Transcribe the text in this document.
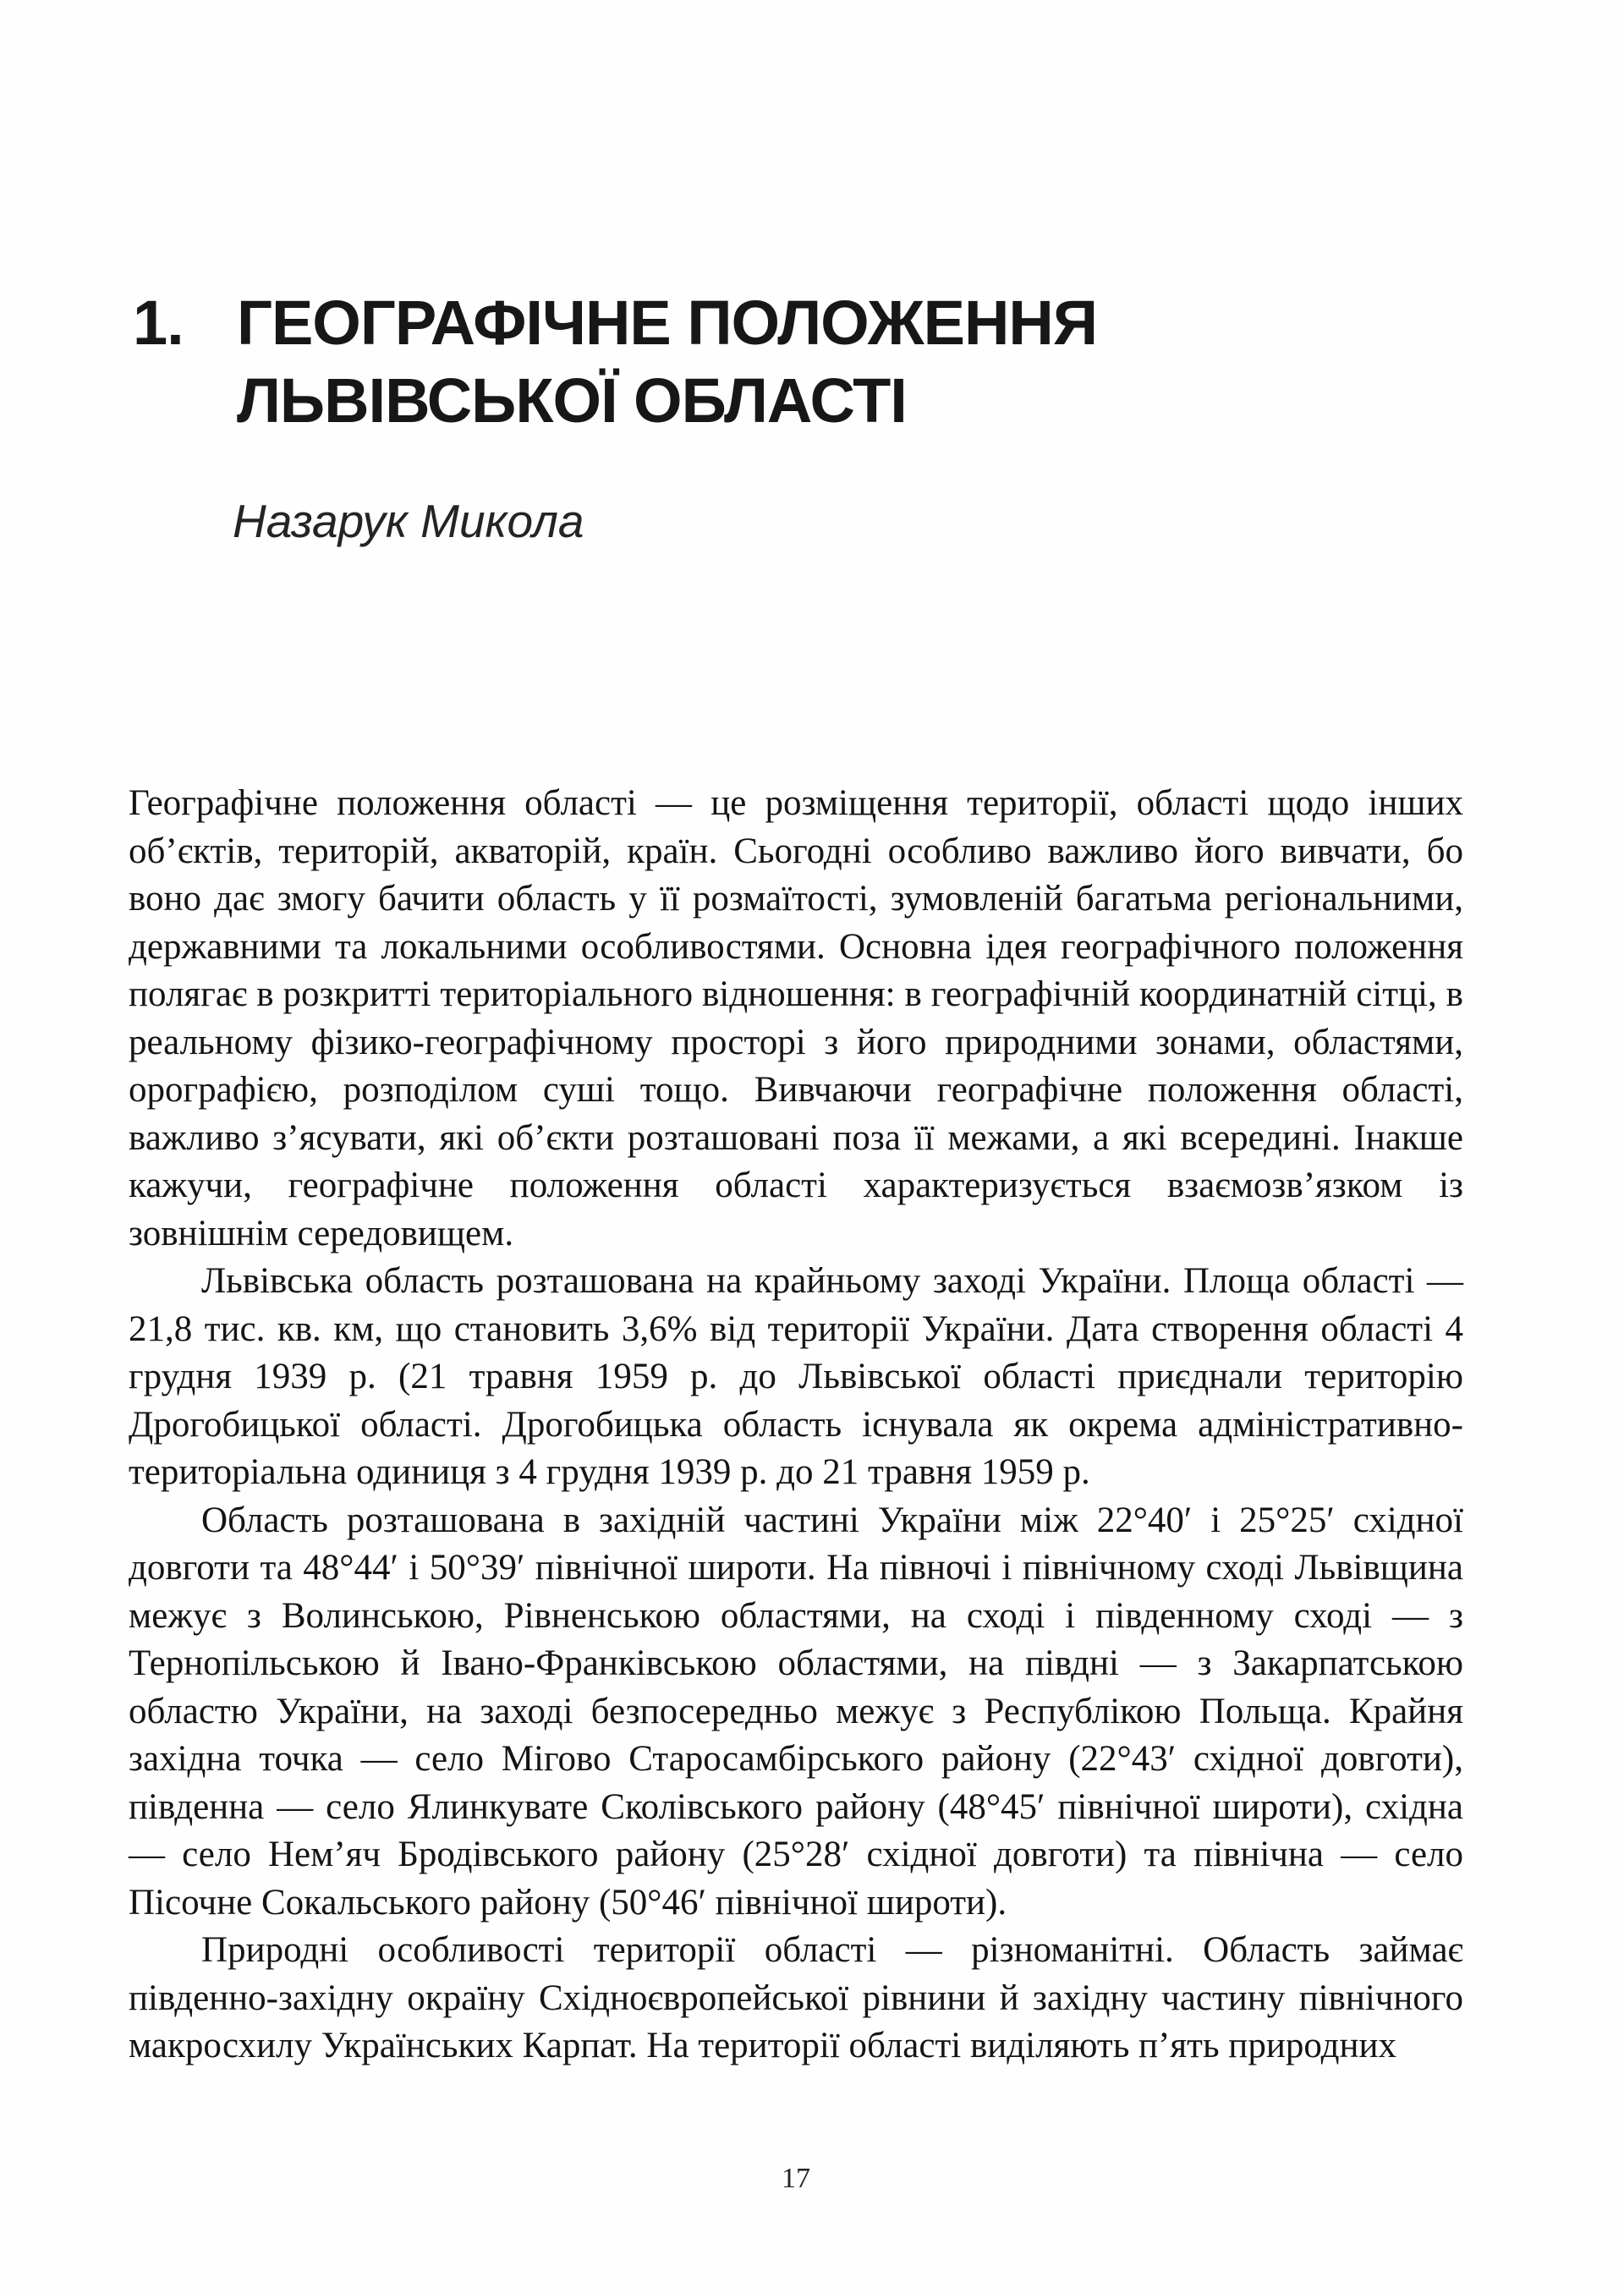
1. ГЕОГРАФІЧНЕ ПОЛОЖЕННЯ
ЛЬВІВСЬКОЇ ОБЛАСТІ
Назарук Микола

Географічне положення області — це розміщення території, області щодо інших об’єктів, територій, акваторій, країн. Сьогодні особливо важливо його вивчати, бо воно дає змогу бачити область у її розмаїтості, зумовленій багатьма регіональними, державними та локальними особливостями. Основна ідея географічного положення полягає в розкритті територіального відношення: в географічній координатній сітці, в реальному фізико-географічному просторі з його природними зонами, областями, орографією, розподілом суші тощо. Вивчаючи географічне положення області, важливо з’ясувати, які об’єкти розташовані поза її межами, а які всередині. Інакше кажучи, географічне положення області характеризується взаємозв’язком із зовнішнім середовищем.

Львівська область розташована на крайньому заході України. Площа області — 21,8 тис. кв. км, що становить 3,6% від території України. Дата створення області 4 грудня 1939 р. (21 травня 1959 р. до Львівської області приєднали територію Дрогобицької області. Дрогобицька область існувала як окрема адміністративно-територіальна одиниця з 4 грудня 1939 р. до 21 травня 1959 р.

Область розташована в західній частині України між 22°40′ і 25°25′ східної довготи та 48°44′ і 50°39′ північної широти. На півночі і північному сході Львівщина межує з Волинською, Рівненською областями, на сході і південному сході — з Тернопільською й Івано-Франківською областями, на півдні — з Закарпатською областю України, на заході безпосередньо межує з Республікою Польща. Крайня західна точка — село Мігово Старосамбірського району (22°43′ східної довготи), південна — село Ялинкувате Сколівського району (48°45′ північної широти), східна — село Нем’яч Бродівського району (25°28′ східної довготи) та північна — село Пісочне Сокальського району (50°46′ північної широти).

Природні особливості території області — різноманітні. Область займає південно-західну окраїну Східноєвропейської рівнини й західну частину північного макросхилу Українських Карпат. На території області виділяють п’ять природних

17
